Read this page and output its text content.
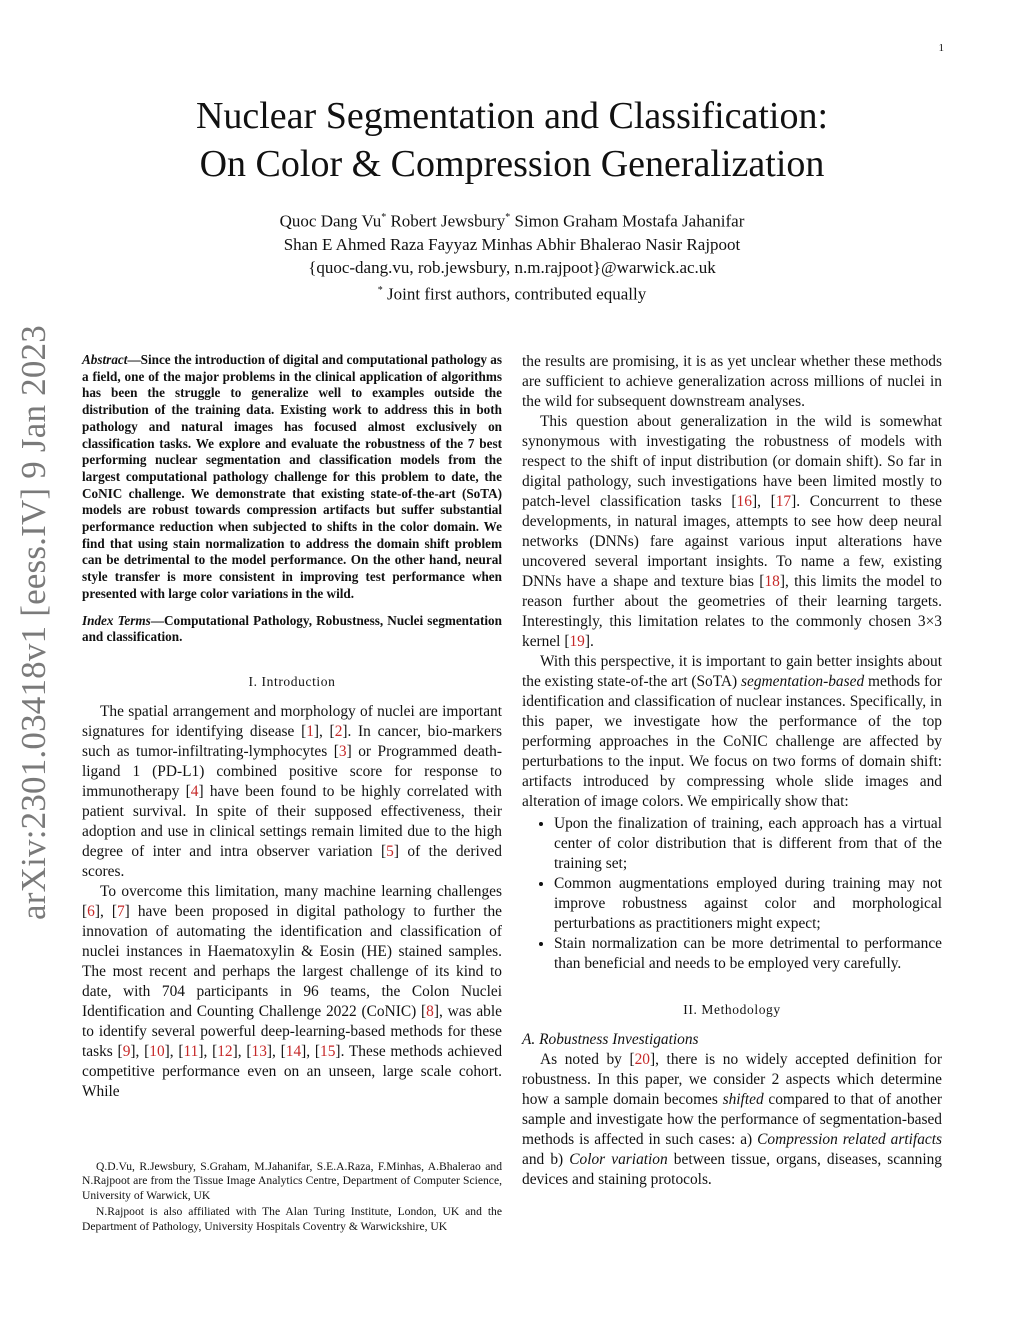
1
arXiv:2301.03418v1 [eess.IV] 9 Jan 2023
Nuclear Segmentation and Classification:
On Color & Compression Generalization
Quoc Dang Vu* Robert Jewsbury* Simon Graham Mostafa Jahanifar
Shan E Ahmed Raza Fayyaz Minhas Abhir Bhalerao Nasir Rajpoot
{quoc-dang.vu, rob.jewsbury, n.m.rajpoot}@warwick.ac.uk
* Joint first authors, contributed equally

Abstract—Since the introduction of digital and computational pathology as a field, one of the major problems in the clinical application of algorithms has been the struggle to generalize well to examples outside the distribution of the training data. Existing work to address this in both pathology and natural images has focused almost exclusively on classification tasks. We explore and evaluate the robustness of the 7 best performing nuclear segmentation and classification models from the largest computational pathology challenge for this problem to date, the CoNIC challenge. We demonstrate that existing state-of-the-art (SoTA) models are robust towards compression artifacts but suffer substantial performance reduction when subjected to shifts in the color domain. We find that using stain normalization to address the domain shift problem can be detrimental to the model performance. On the other hand, neural style transfer is more consistent in improving test performance when presented with large color variations in the wild.

Index Terms—Computational Pathology, Robustness, Nuclei segmentation and classification.

I. Introduction

The spatial arrangement and morphology of nuclei are important signatures for identifying disease [1], [2]. In cancer, bio-markers such as tumor-infiltrating-lymphocytes [3] or Programmed death-ligand 1 (PD-L1) combined positive score for response to immunotherapy [4] have been found to be highly correlated with patient survival. In spite of their supposed effectiveness, their adoption and use in clinical settings remain limited due to the high degree of inter and intra observer variation [5] of the derived scores.

To overcome this limitation, many machine learning challenges [6], [7] have been proposed in digital pathology to further the innovation of automating the identification and classification of nuclei instances in Haematoxylin & Eosin (HE) stained samples. The most recent and perhaps the largest challenge of its kind to date, with 704 participants in 96 teams, the Colon Nuclei Identification and Counting Challenge 2022 (CoNIC) [8], was able to identify several powerful deep-learning-based methods for these tasks [9], [10], [11], [12], [13], [14], [15]. These methods achieved competitive performance even on an unseen, large scale cohort. While

Q.D.Vu, R.Jewsbury, S.Graham, M.Jahanifar, S.E.A.Raza, F.Minhas, A.Bhalerao and N.Rajpoot are from the Tissue Image Analytics Centre, Department of Computer Science, University of Warwick, UK

N.Rajpoot is also affiliated with The Alan Turing Institute, London, UK and the Department of Pathology, University Hospitals Coventry & Warwickshire, UK

the results are promising, it is as yet unclear whether these methods are sufficient to achieve generalization across millions of nuclei in the wild for subsequent downstream analyses.

This question about generalization in the wild is somewhat synonymous with investigating the robustness of models with respect to the shift of input distribution (or domain shift). So far in digital pathology, such investigations have been limited mostly to patch-level classification tasks [16], [17]. Concurrent to these developments, in natural images, attempts to see how deep neural networks (DNNs) fare against various input alterations have uncovered several important insights. To name a few, existing DNNs have a shape and texture bias [18], this limits the model to reason further about the geometries of their learning targets. Interestingly, this limitation relates to the commonly chosen 3×3 kernel [19].

With this perspective, it is important to gain better insights about the existing state-of-the art (SoTA) segmentation-based methods for identification and classification of nuclear instances. Specifically, in this paper, we investigate how the performance of the top performing approaches in the CoNIC challenge are affected by perturbations to the input. We focus on two forms of domain shift: artifacts introduced by compressing whole slide images and alteration of image colors. We empirically show that:

• Upon the finalization of training, each approach has a virtual center of color distribution that is different from that of the training set;
• Common augmentations employed during training may not improve robustness against color and morphological perturbations as practitioners might expect;
• Stain normalization can be more detrimental to performance than beneficial and needs to be employed very carefully.
II. Methodology
A. Robustness Investigations

As noted by [20], there is no widely accepted definition for robustness. In this paper, we consider 2 aspects which determine how a sample domain becomes shifted compared to that of another sample and investigate how the performance of segmentation-based methods is affected in such cases: a) Compression related artifacts and b) Color variation between tissue, organs, diseases, scanning devices and staining protocols.
